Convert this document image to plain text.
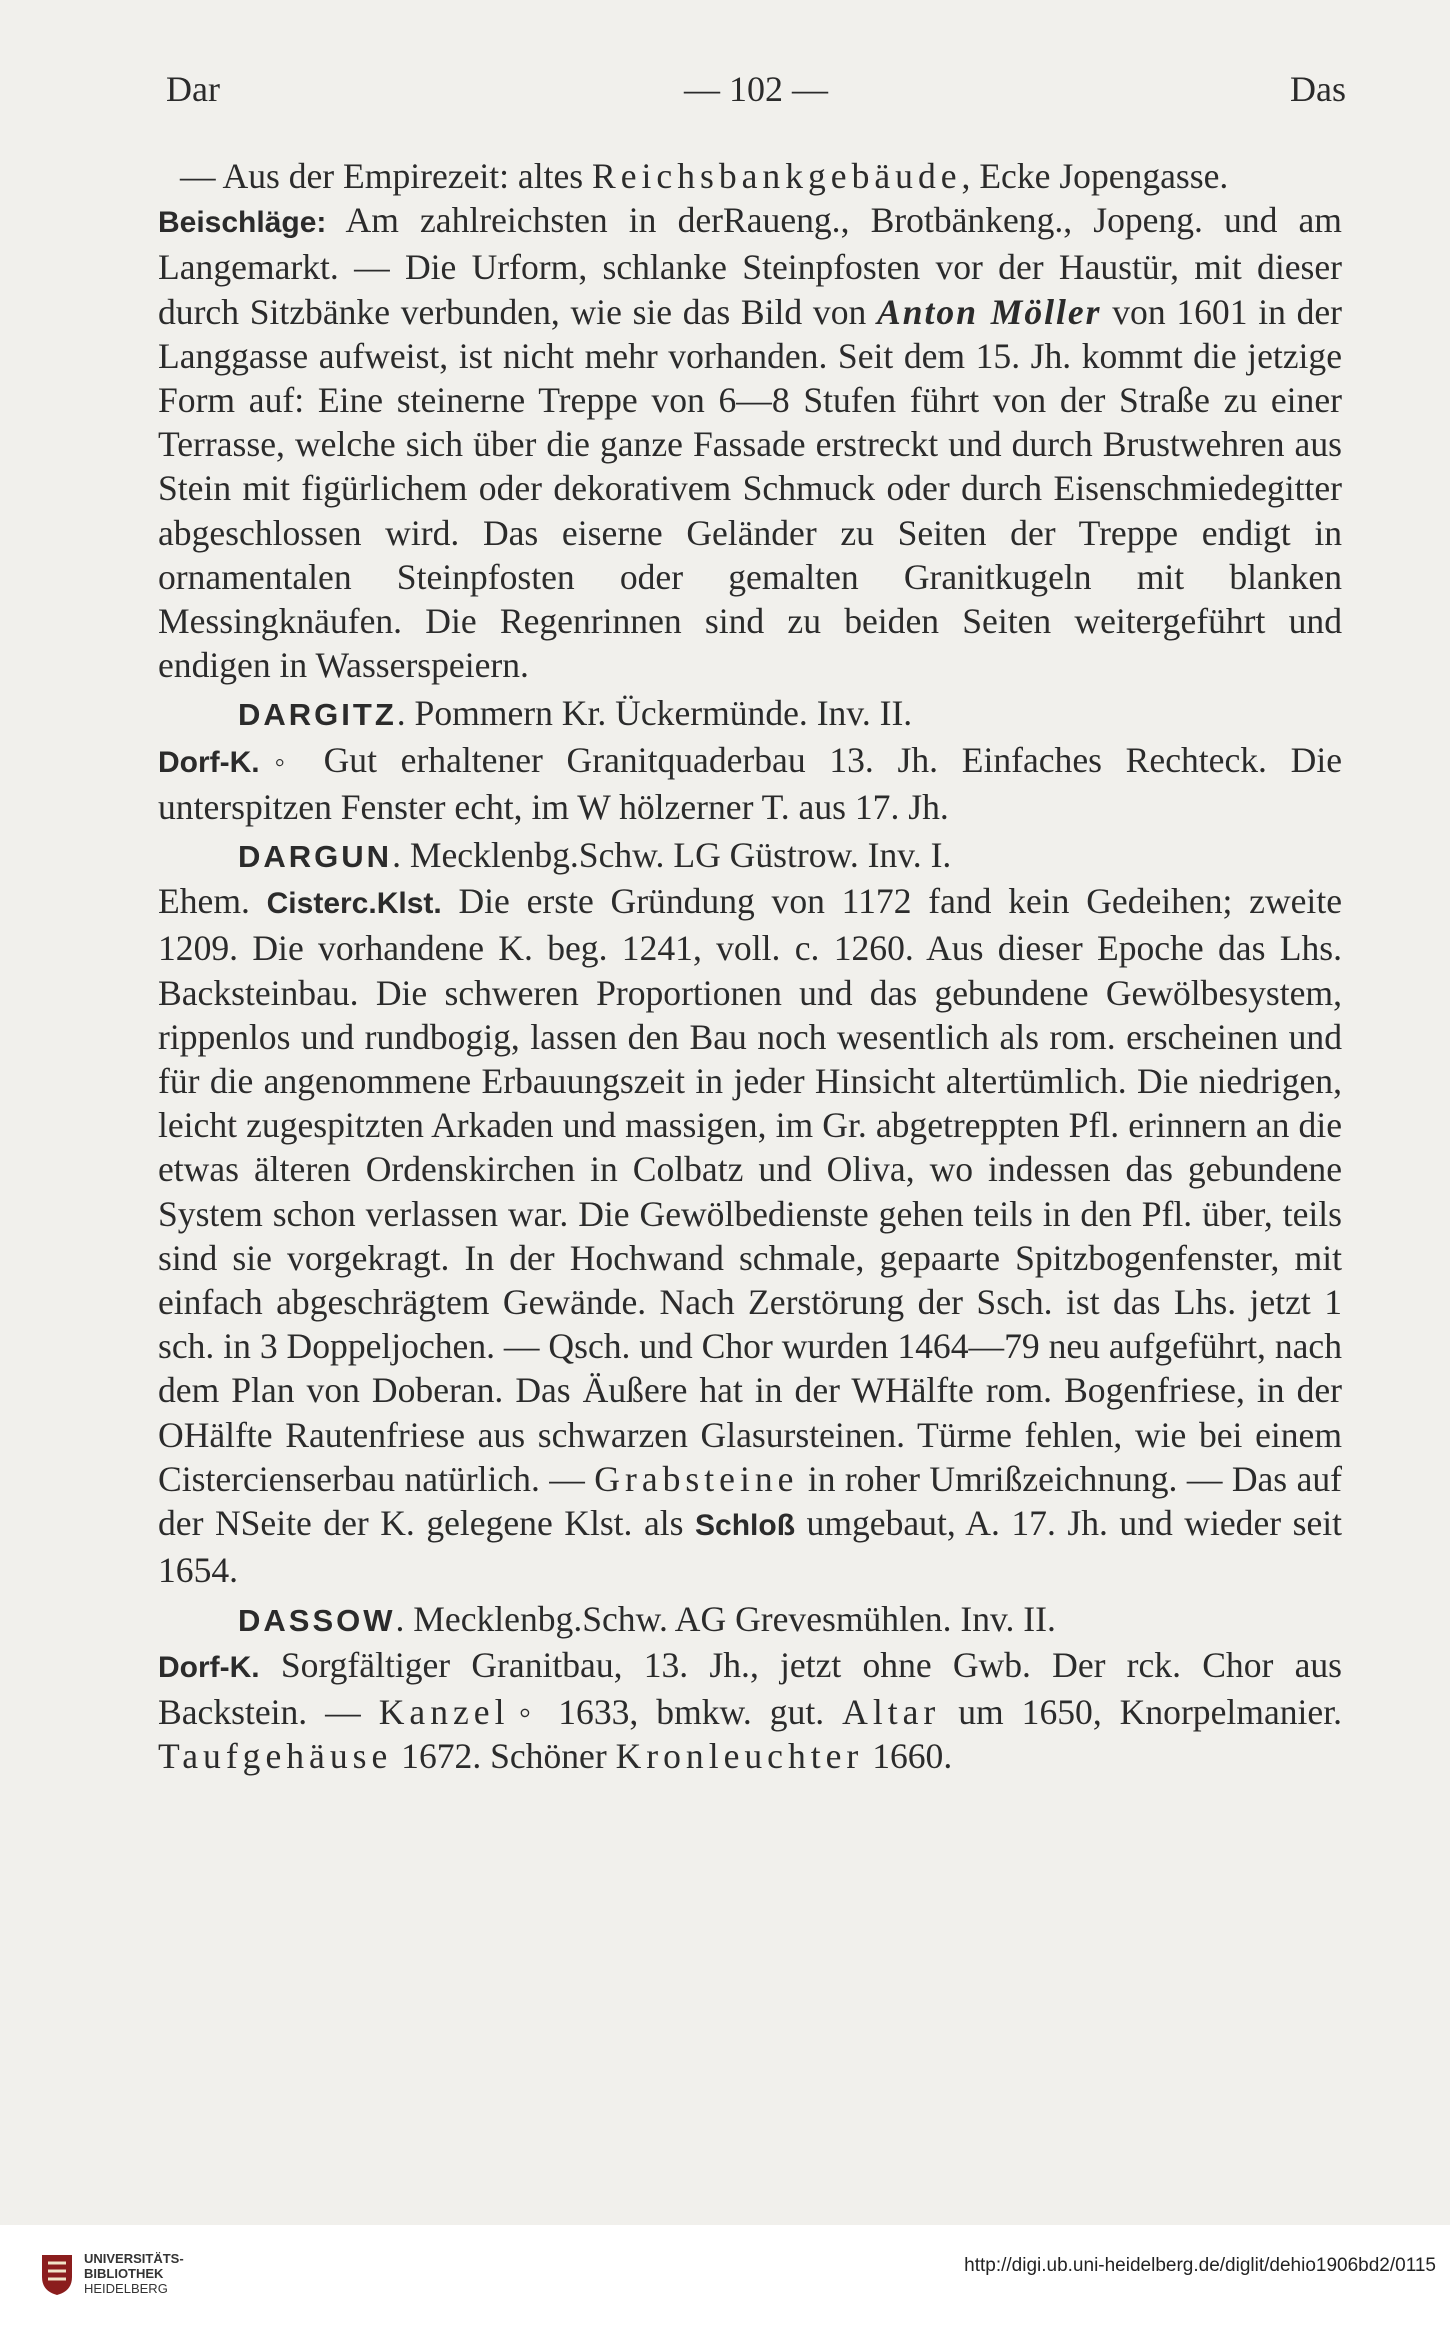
Dar	— 102 —	Das

— Aus der Empirezeit: altes Reichsbankgebäude, Ecke Jopengasse.

Beischläge: Am zahlreichsten in derRaueng., Brotbänkeng., Jopeng. und am Langemarkt. — Die Urform, schlanke Steinpfosten vor der Haustür, mit dieser durch Sitzbänke verbunden, wie sie das Bild von Anton Möller von 1601 in der Langgasse aufweist, ist nicht mehr vorhanden. Seit dem 15. Jh. kommt die jetzige Form auf: Eine steinerne Treppe von 6—8 Stufen führt von der Straße zu einer Terrasse, welche sich über die ganze Fassade erstreckt und durch Brustwehren aus Stein mit figürlichem oder dekorativem Schmuck oder durch Eisenschmiedegitter abgeschlossen wird. Das eiserne Geländer zu Seiten der Treppe endigt in ornamentalen Steinpfosten oder gemalten Granitkugeln mit blanken Messingknäufen. Die Regenrinnen sind zu beiden Seiten weitergeführt und endigen in Wasserspeiern.

DARGITZ. Pommern Kr. Ückermünde. Inv. II.

Dorf-K.◦ Gut erhaltener Granitquaderbau 13. Jh. Einfaches Rechteck. Die unterspitzen Fenster echt, im W hölzerner T. aus 17. Jh.

DARGUN. Mecklenbg.Schw. LG Güstrow. Inv. I.

Ehem. Cisterc.Klst. Die erste Gründung von 1172 fand kein Gedeihen; zweite 1209. Die vorhandene K. beg. 1241, voll. c. 1260. Aus dieser Epoche das Lhs. Backsteinbau. Die schweren Proportionen und das gebundene Gewölbesystem, rippenlos und rundbogig, lassen den Bau noch wesentlich als rom. erscheinen und für die angenommene Erbauungszeit in jeder Hinsicht altertümlich. Die niedrigen, leicht zugespitzten Arkaden und massigen, im Gr. abgetreppten Pfl. erinnern an die etwas älteren Ordenskirchen in Colbatz und Oliva, wo indessen das gebundene System schon verlassen war. Die Gewölbedienste gehen teils in den Pfl. über, teils sind sie vorgekragt. In der Hochwand schmale, gepaarte Spitzbogenfenster, mit einfach abgeschrägtem Gewände. Nach Zerstörung der Ssch. ist das Lhs. jetzt 1 sch. in 3 Doppeljochen. — Qsch. und Chor wurden 1464—79 neu aufgeführt, nach dem Plan von Doberan. Das Äußere hat in der WHälfte rom. Bogenfriese, in der OHälfte Rautenfriese aus schwarzen Glasursteinen. Türme fehlen, wie bei einem Cistercienserbau natürlich. — Grabsteine in roher Umrißzeichnung. — Das auf der NSeite der K. gelegene Klst. als Schloß umgebaut, A. 17. Jh. und wieder seit 1654.

DASSOW. Mecklenbg.Schw. AG Grevesmühlen. Inv. II.

Dorf-K. Sorgfältiger Granitbau, 13. Jh., jetzt ohne Gwb. Der rck. Chor aus Backstein. — Kanzel◦ 1633, bmkw. gut. Altar um 1650, Knorpelmanier. Taufgehäuse 1672. Schöner Kronleuchter 1660.

UNIVERSITÄTS-
BIBLIOTHEK
HEIDELBERG
http://digi.ub.uni-heidelberg.de/diglit/dehio1906bd2/0115
